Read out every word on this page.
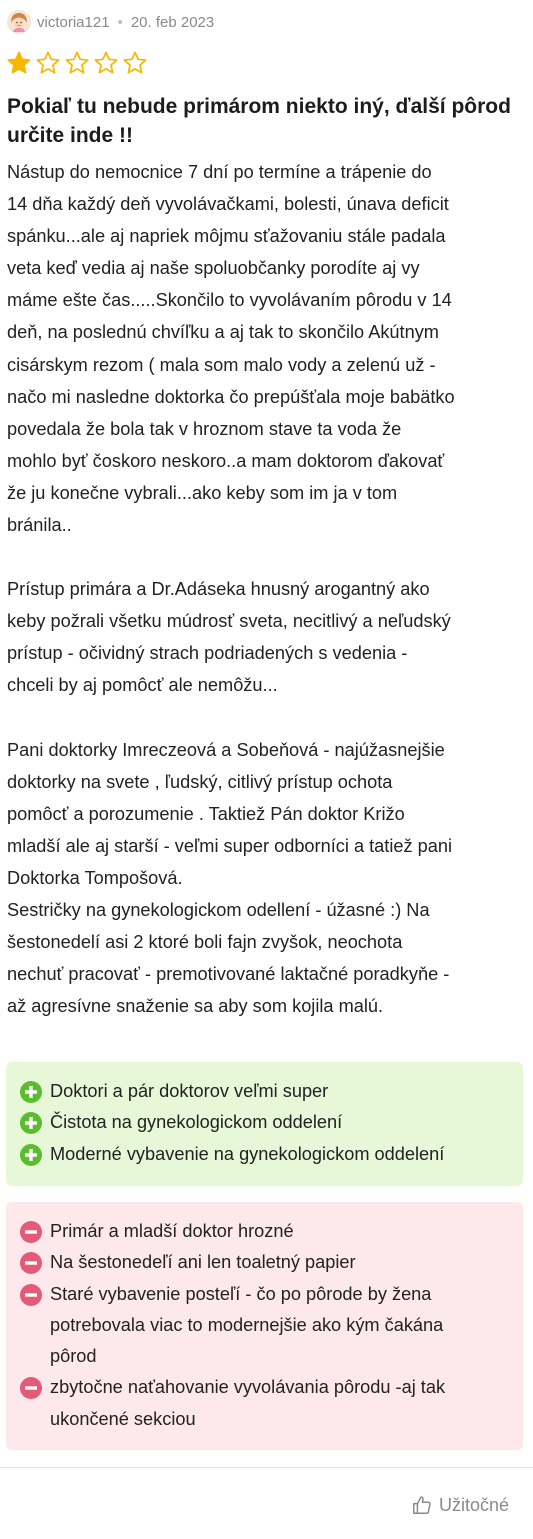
victoria121 • 20. feb 2023
Pokiaľ tu nebude primárom niekto iný, ďalší pôrod určite inde !!

Nástup do nemocnice 7 dní po termíne a trápenie do
14 dňa každý deň vyvolávačkami, bolesti, únava deficit
spánku...ale aj napriek môjmu sťažovaniu stále padala
veta keď vedia aj naše spoluobčanky porodíte aj vy
máme ešte čas.....Skončilo to vyvolávaním pôrodu v 14
deň, na poslednú chvíľku a aj tak to skončilo Akútnym
cisárskym rezom ( mala som malo vody a zelenú už -
načo mi nasledne doktorka čo prepúšťala moje babätko
povedala že bola tak v hroznom stave ta voda že
mohlo byť čoskoro neskoro..a mam doktorom ďakovať
že ju konečne vybrali...ako keby som im ja v tom
bránila..

Prístup primára a Dr.Adáseka hnusný arogantný ako
keby požrali všetku múdrosť sveta, necitlivý a neľudský
prístup - očividný strach podriadených s vedenia -
chceli by aj pomôcť ale nemôžu...

Pani doktorky Imreczeová a Sobeňová - najúžasnejšie
doktorky na svete , ľudský, citlivý prístup ochota
pomôcť a porozumenie . Taktiež Pán doktor Križo
mladší ale aj starší - veľmi super odborníci a tatiež pani
Doktorka Tompošová.
Sestričky na gynekologickom odellení - úžasné :) Na
šestonedelí asi 2 ktoré boli fajn zvyšok, neochota
nechuť pracovať - premotivované laktačné poradkyňe -
až agresívne snaženie sa aby som kojila malú.

Doktori a pár doktorov veľmi super
Čistota na gynekologickom oddelení
Moderné vybavenie na gynekologickom oddelení
Primár a mladší doktor hrozné
Na šestonedeľí ani len toaletný papier
Staré vybavenie posteľí - čo po pôrode by žena
potrebovala viac to modernejšie ako kým čakána
pôrod
zbytočne naťahovanie vyvolávania pôrodu -aj tak
ukončené sekciou
Užitočné
